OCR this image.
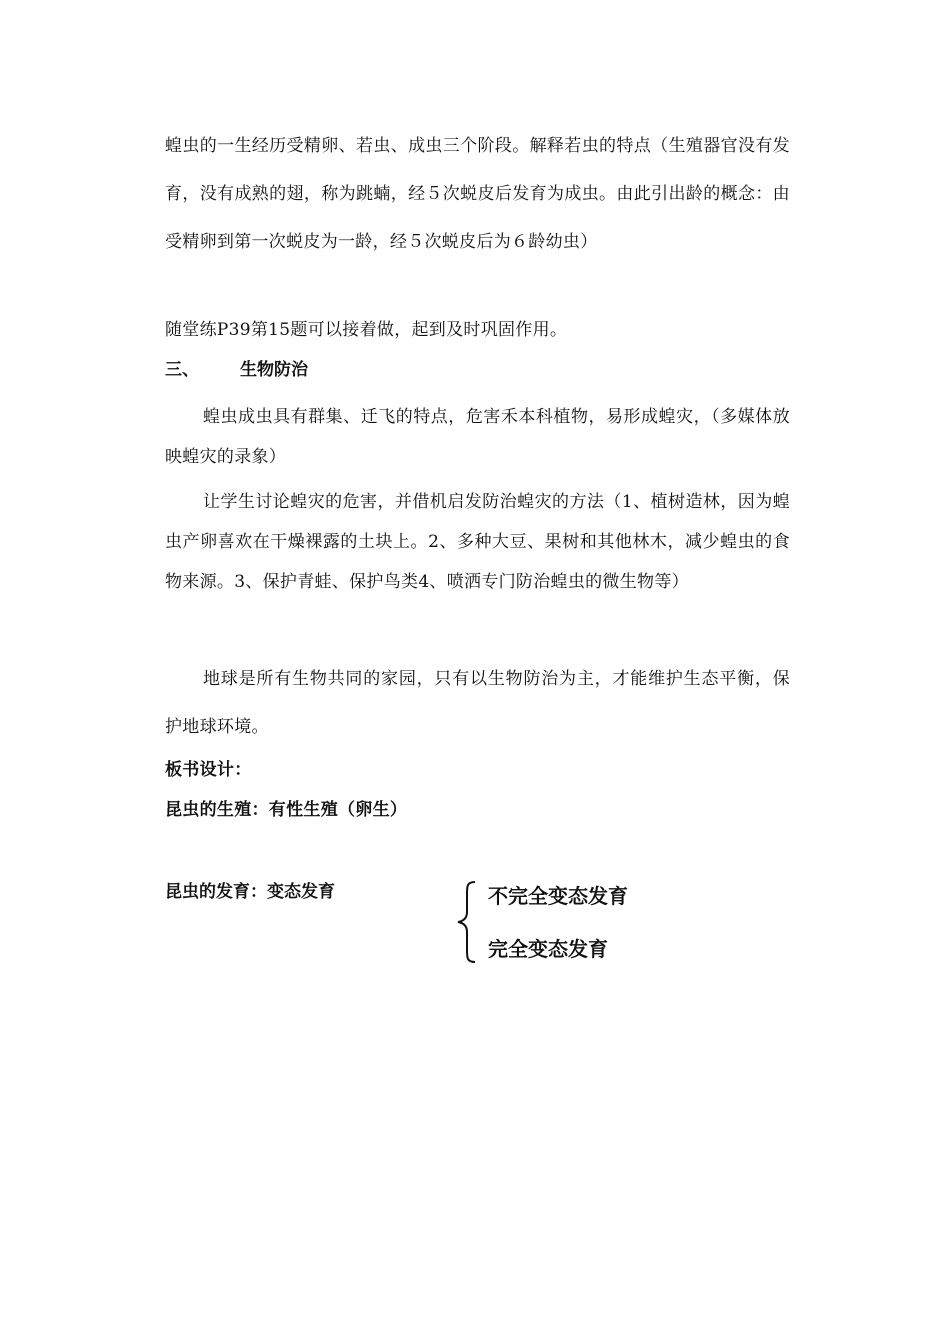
蝗虫的一生经历受精卵、若虫、成虫三个阶段。解释若虫的特点（生殖器官没有发育，没有成熟的翅，称为跳蝻，经５次蜕皮后发育为成虫。由此引出龄的概念：由受精卵到第一次蜕皮为一龄，经５次蜕皮后为６龄幼虫）

随堂练P39第15题可以接着做，起到及时巩固作用。

三、 生物防治

蝗虫成虫具有群集、迁飞的特点，危害禾本科植物，易形成蝗灾，（多媒体放映蝗灾的录象）

让学生讨论蝗灾的危害，并借机启发防治蝗灾的方法（1、植树造林，因为蝗虫产卵喜欢在干燥裸露的土块上。2、多种大豆、果树和其他林木，减少蝗虫的食物来源。3、保护青蛙、保护鸟类4、喷洒专门防治蝗虫的微生物等）

地球是所有生物共同的家园，只有以生物防治为主，才能维护生态平衡，保护地球环境。

板书设计：
昆虫的生殖：有性生殖（卵生）
昆虫的发育：变态发育	不完全变态发育
完全变态发育
